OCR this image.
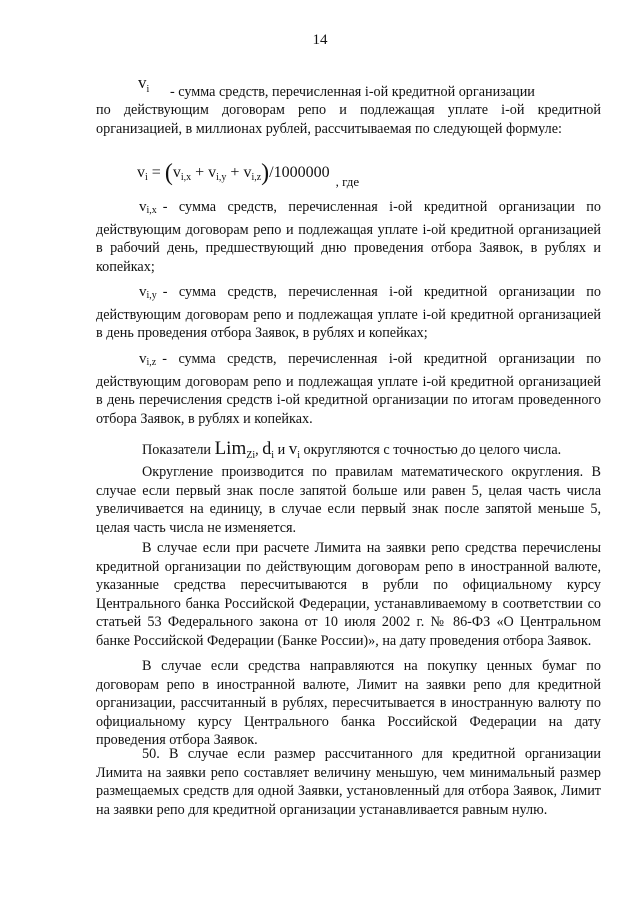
14
$v_i$ - сумма средств, перечисленная i-ой кредитной организации

по действующим договорам репо и подлежащая уплате i-ой кредитной организацией, в миллионах рублей, рассчитываемая по следующей формуле:

$v_i = (v_{i,x} + v_{i,y} + v_{i,z})/1000000_{, где}$

$v_{i,x}$ - сумма средств, перечисленная i-ой кредитной организации по действующим договорам репо и подлежащая уплате i-ой кредитной организацией в рабочий день, предшествующий дню проведения отбора Заявок, в рублях и копейках;

$v_{i,y}$ - сумма средств, перечисленная i-ой кредитной организации по действующим договорам репо и подлежащая уплате i-ой кредитной организацией в день проведения отбора Заявок, в рублях и копейках;

$v_{i,z}$ - сумма средств, перечисленная i-ой кредитной организации по действующим договорам репо и подлежащая уплате i-ой кредитной организацией в день перечисления средств i-ой кредитной организации по итогам проведенного отбора Заявок, в рублях и копейках.

Показатели Lim$_{Zi}$, $d_i$ и $v_i$ округляются с точностью до целого числа.

Округление производится по правилам математического округления. В случае если первый знак после запятой больше или равен 5, целая часть числа увеличивается на единицу, в случае если первый знак после запятой меньше 5, целая часть числа не изменяется.

В случае если при расчете Лимита на заявки репо средства перечислены кредитной организации по действующим договорам репо в иностранной валюте, указанные средства пересчитываются в рубли по официальному курсу Центрального банка Российской Федерации, устанавливаемому в соответствии со статьей 53 Федерального закона от 10 июля 2002 г. № 86-ФЗ «О Центральном банке Российской Федерации (Банке России)», на дату проведения отбора Заявок.

В случае если средства направляются на покупку ценных бумаг по договорам репо в иностранной валюте, Лимит на заявки репо для кредитной организации, рассчитанный в рублях, пересчитывается в иностранную валюту по официальному курсу Центрального банка Российской Федерации на дату проведения отбора Заявок.

50. В случае если размер рассчитанного для кредитной организации Лимита на заявки репо составляет величину меньшую, чем минимальный размер размещаемых средств для одной Заявки, установленный для отбора Заявок, Лимит на заявки репо для кредитной организации устанавливается равным нулю.
